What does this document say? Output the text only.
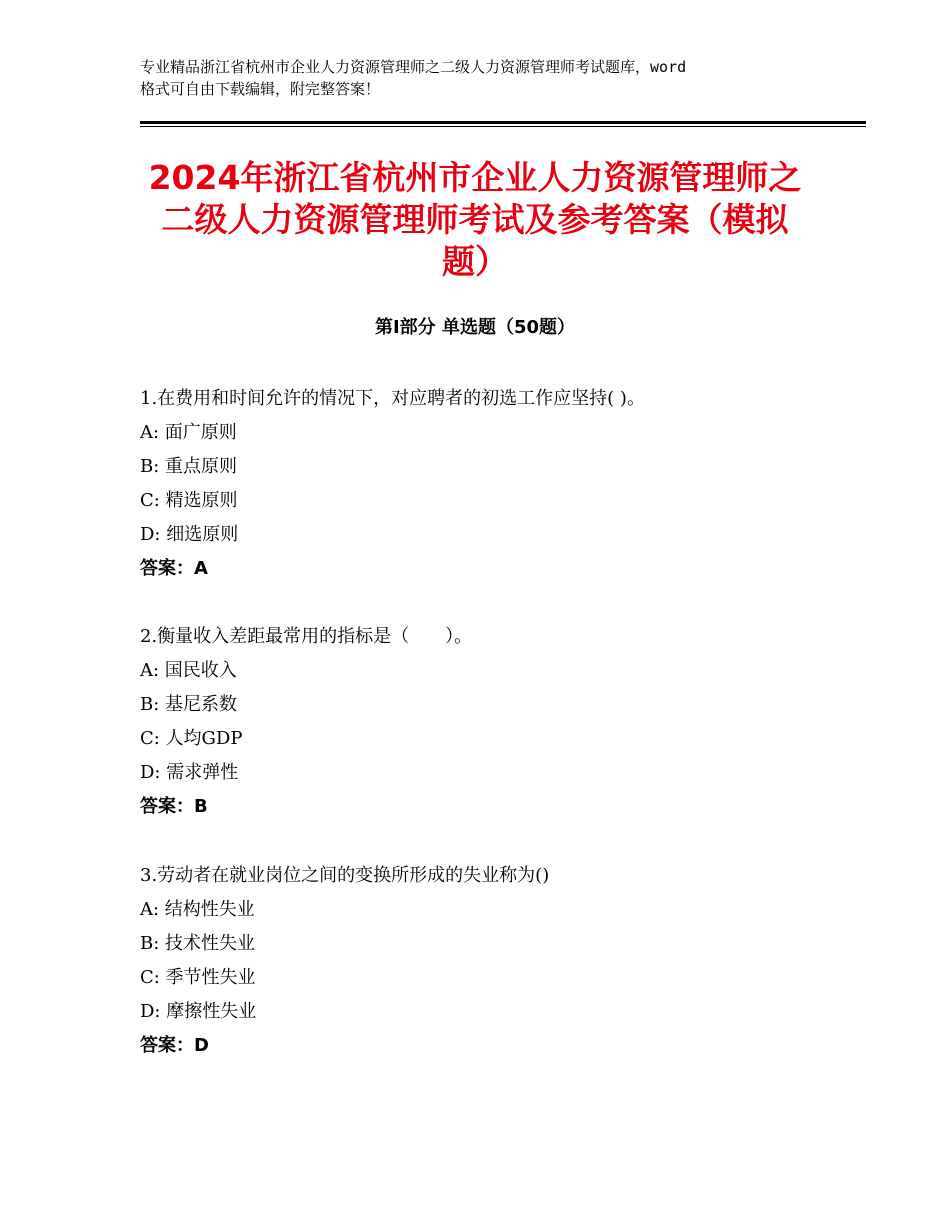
专业精品浙江省杭州市企业人力资源管理师之二级人力资源管理师考试题库，word
格式可自由下载编辑，附完整答案！
2024年浙江省杭州市企业人力资源管理师之
二级人力资源管理师考试及参考答案（模拟
题）
第Ⅰ部分 单选题（50题）
1.在费用和时间允许的情况下，对应聘者的初选工作应坚持( )。
A: 面广原则
B: 重点原则
C: 精选原则
D: 细选原则
答案：A
2.衡量收入差距最常用的指标是（　　）。
A: 国民收入
B: 基尼系数
C: 人均GDP
D: 需求弹性
答案：B
3.劳动者在就业岗位之间的变换所形成的失业称为()
A: 结构性失业
B: 技术性失业
C: 季节性失业
D: 摩擦性失业
答案：D
